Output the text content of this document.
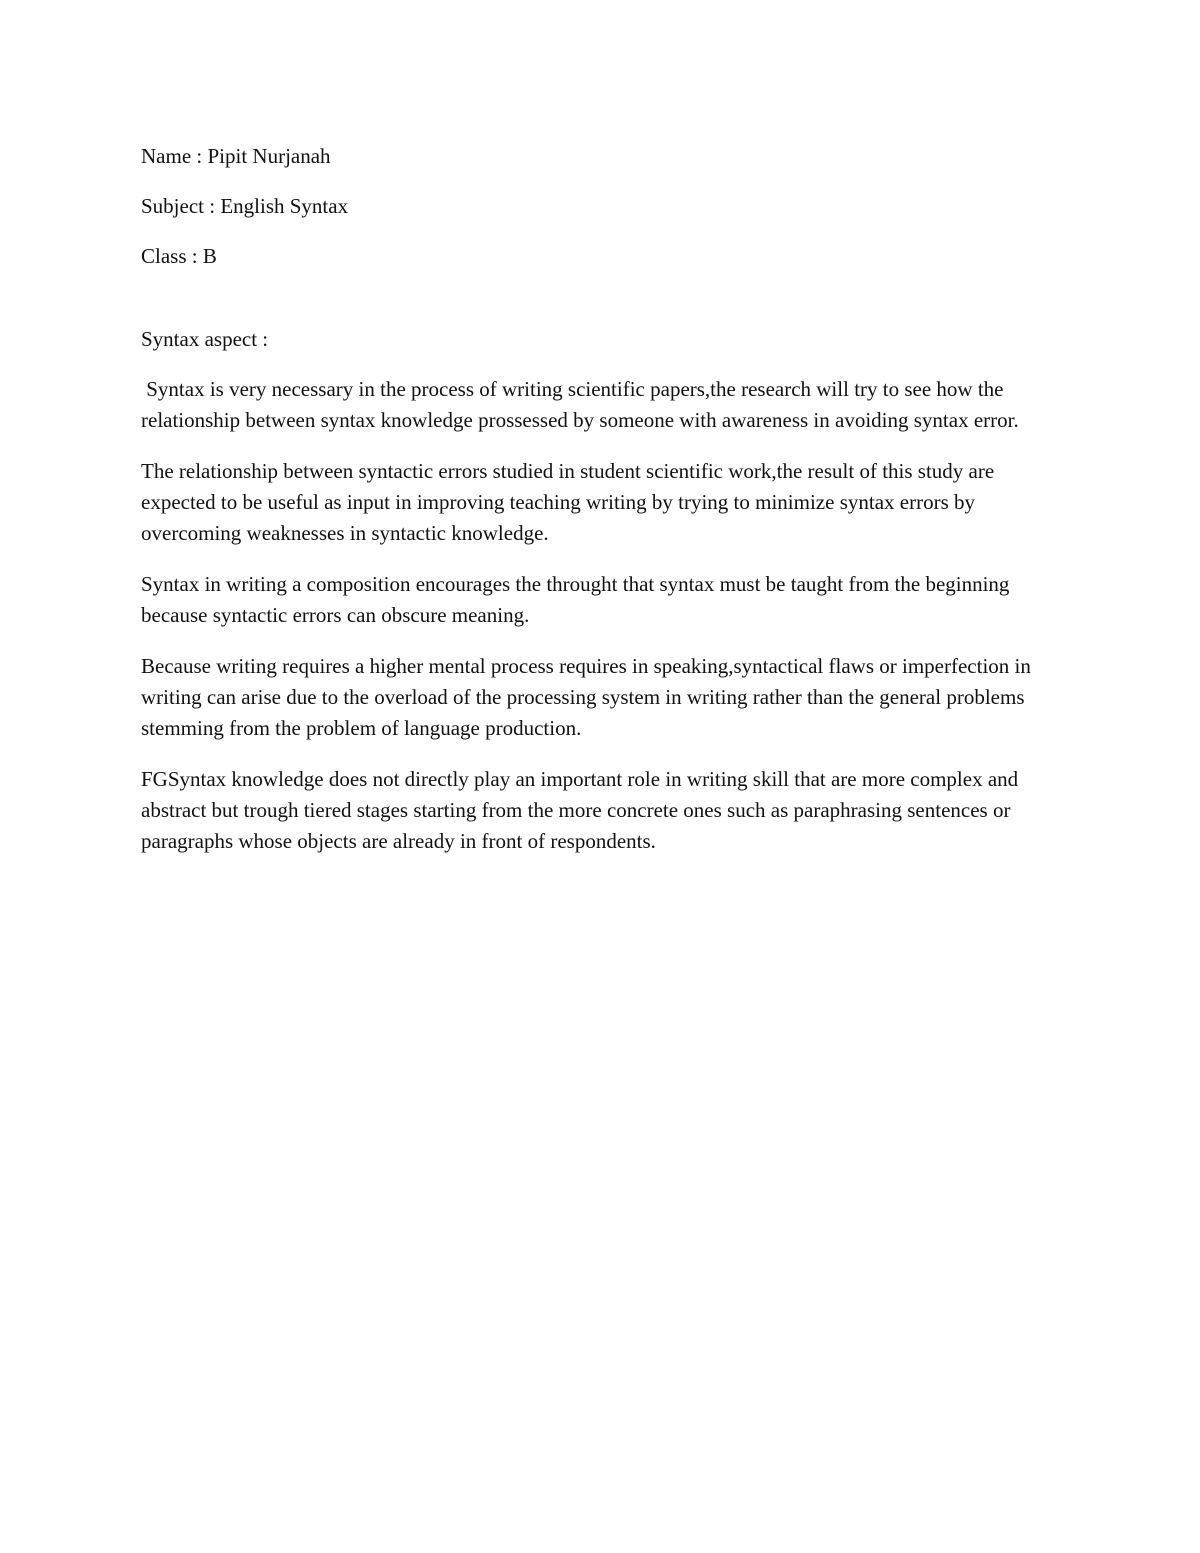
Name : Pipit Nurjanah
Subject : English Syntax
Class : B
Syntax aspect :

Syntax is very necessary in the process of writing scientific papers,the research will try to see how the relationship between syntax knowledge prossessed by someone with awareness in avoiding syntax error.

The relationship between syntactic errors studied in student scientific work,the result of this study are expected to be useful as input in improving teaching writing by trying to minimize syntax errors by overcoming weaknesses in syntactic knowledge.

Syntax in writing a composition encourages the throught that syntax must be taught from the beginning because syntactic errors can obscure meaning.

Because writing requires a higher mental process requires in speaking,syntactical flaws or imperfection in writing can arise due to the overload of the processing system in writing rather than the general problems stemming from the problem of language production.

FGSyntax knowledge does not directly play an important role in writing skill that are more complex and abstract but trough tiered stages starting from the more concrete ones such as paraphrasing sentences or paragraphs whose objects are already in front of respondents.
